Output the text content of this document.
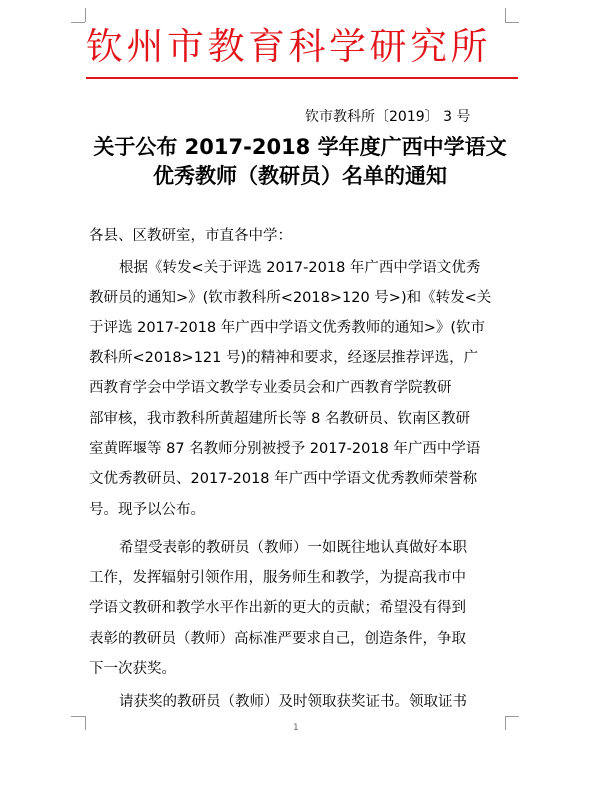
钦州市教育科学研究所
钦市教科所〔2019〕 3 号
关于公布 2017-2018 学年度广西中学语文
优秀教师（教研员）名单的通知
各县、区教研室，市直各中学：
根据《转发<关于评选 2017-2018 年广西中学语文优秀
教研员的通知>》(钦市教科所<2018>120 号>)和《转发<关
于评选 2017-2018 年广西中学语文优秀教师的通知>》(钦市
教科所<2018>121 号)的精神和要求，经逐层推荐评选，广
西教育学会中学语文教学专业委员会和广西教育学院教研
部审核，我市教科所黄超建所长等 8 名教研员、钦南区教研
室黄晖堰等 87 名教师分别被授予 2017-2018 年广西中学语
文优秀教研员、2017-2018 年广西中学语文优秀教师荣誉称
号。现予以公布。
希望受表彰的教研员（教师）一如既往地认真做好本职
工作，发挥辐射引领作用，服务师生和教学，为提高我市中
学语文教研和教学水平作出新的更大的贡献；希望没有得到
表彰的教研员（教师）高标准严要求自己，创造条件，争取
下一次获奖。
请获奖的教研员（教师）及时领取获奖证书。领取证书
1
